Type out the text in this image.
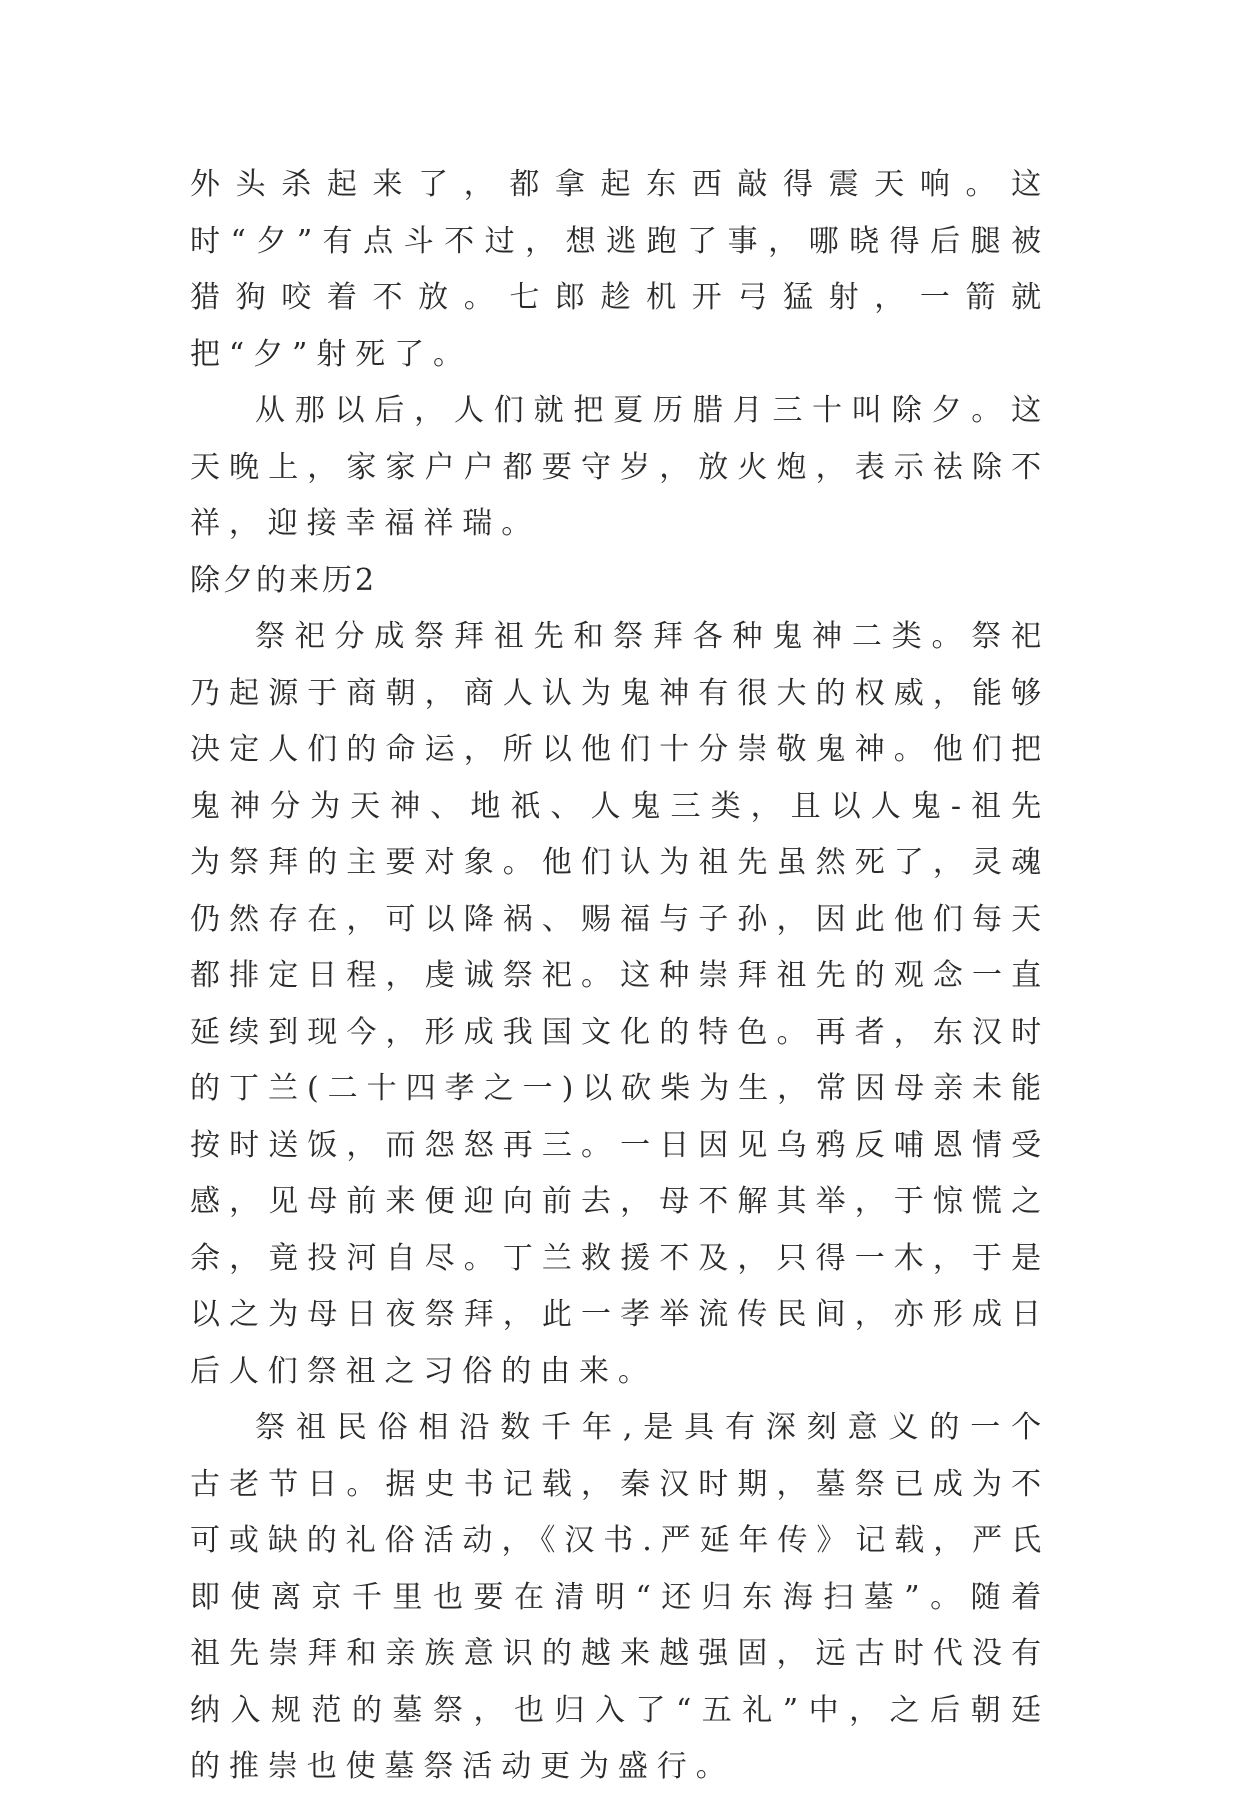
外头杀起来了，都拿起东西敲得震天响。这时“夕”有点斗不过，想逃跑了事，哪晓得后腿被猎狗咬着不放。七郎趁机开弓猛射，一箭就把“夕”射死了。

从那以后，人们就把夏历腊月三十叫除夕。这天晚上，家家户户都要守岁，放火炮，表示祛除不祥，迎接幸福祥瑞。

除夕的来历2

祭祀分成祭拜祖先和祭拜各种鬼神二类。祭祀乃起源于商朝，商人认为鬼神有很大的权威，能够决定人们的命运，所以他们十分崇敬鬼神。他们把鬼神分为天神、地祇、人鬼三类，且以人鬼-祖先为祭拜的主要对象。他们认为祖先虽然死了，灵魂仍然存在，可以降祸、赐福与子孙，因此他们每天都排定日程，虔诚祭祀。这种崇拜祖先的观念一直延续到现今，形成我国文化的特色。再者，东汉时的丁兰(二十四孝之一)以砍柴为生，常因母亲未能按时送饭，而怨怒再三。一日因见乌鸦反哺恩情受感，见母前来便迎向前去，母不解其举，于惊慌之余，竟投河自尽。丁兰救援不及，只得一木，于是以之为母日夜祭拜，此一孝举流传民间，亦形成日后人们祭祖之习俗的由来。

祭祖民俗相沿数千年,是具有深刻意义的一个古老节日。据史书记载，秦汉时期，墓祭已成为不可或缺的礼俗活动，《汉书.严延年传》记载，严氏即使离京千里也要在清明“还归东海扫墓”。随着祖先崇拜和亲族意识的越来越强固，远古时代没有纳入规范的墓祭，也归入了“五礼”中，之后朝廷的推崇也使墓祭活动更为盛行。
